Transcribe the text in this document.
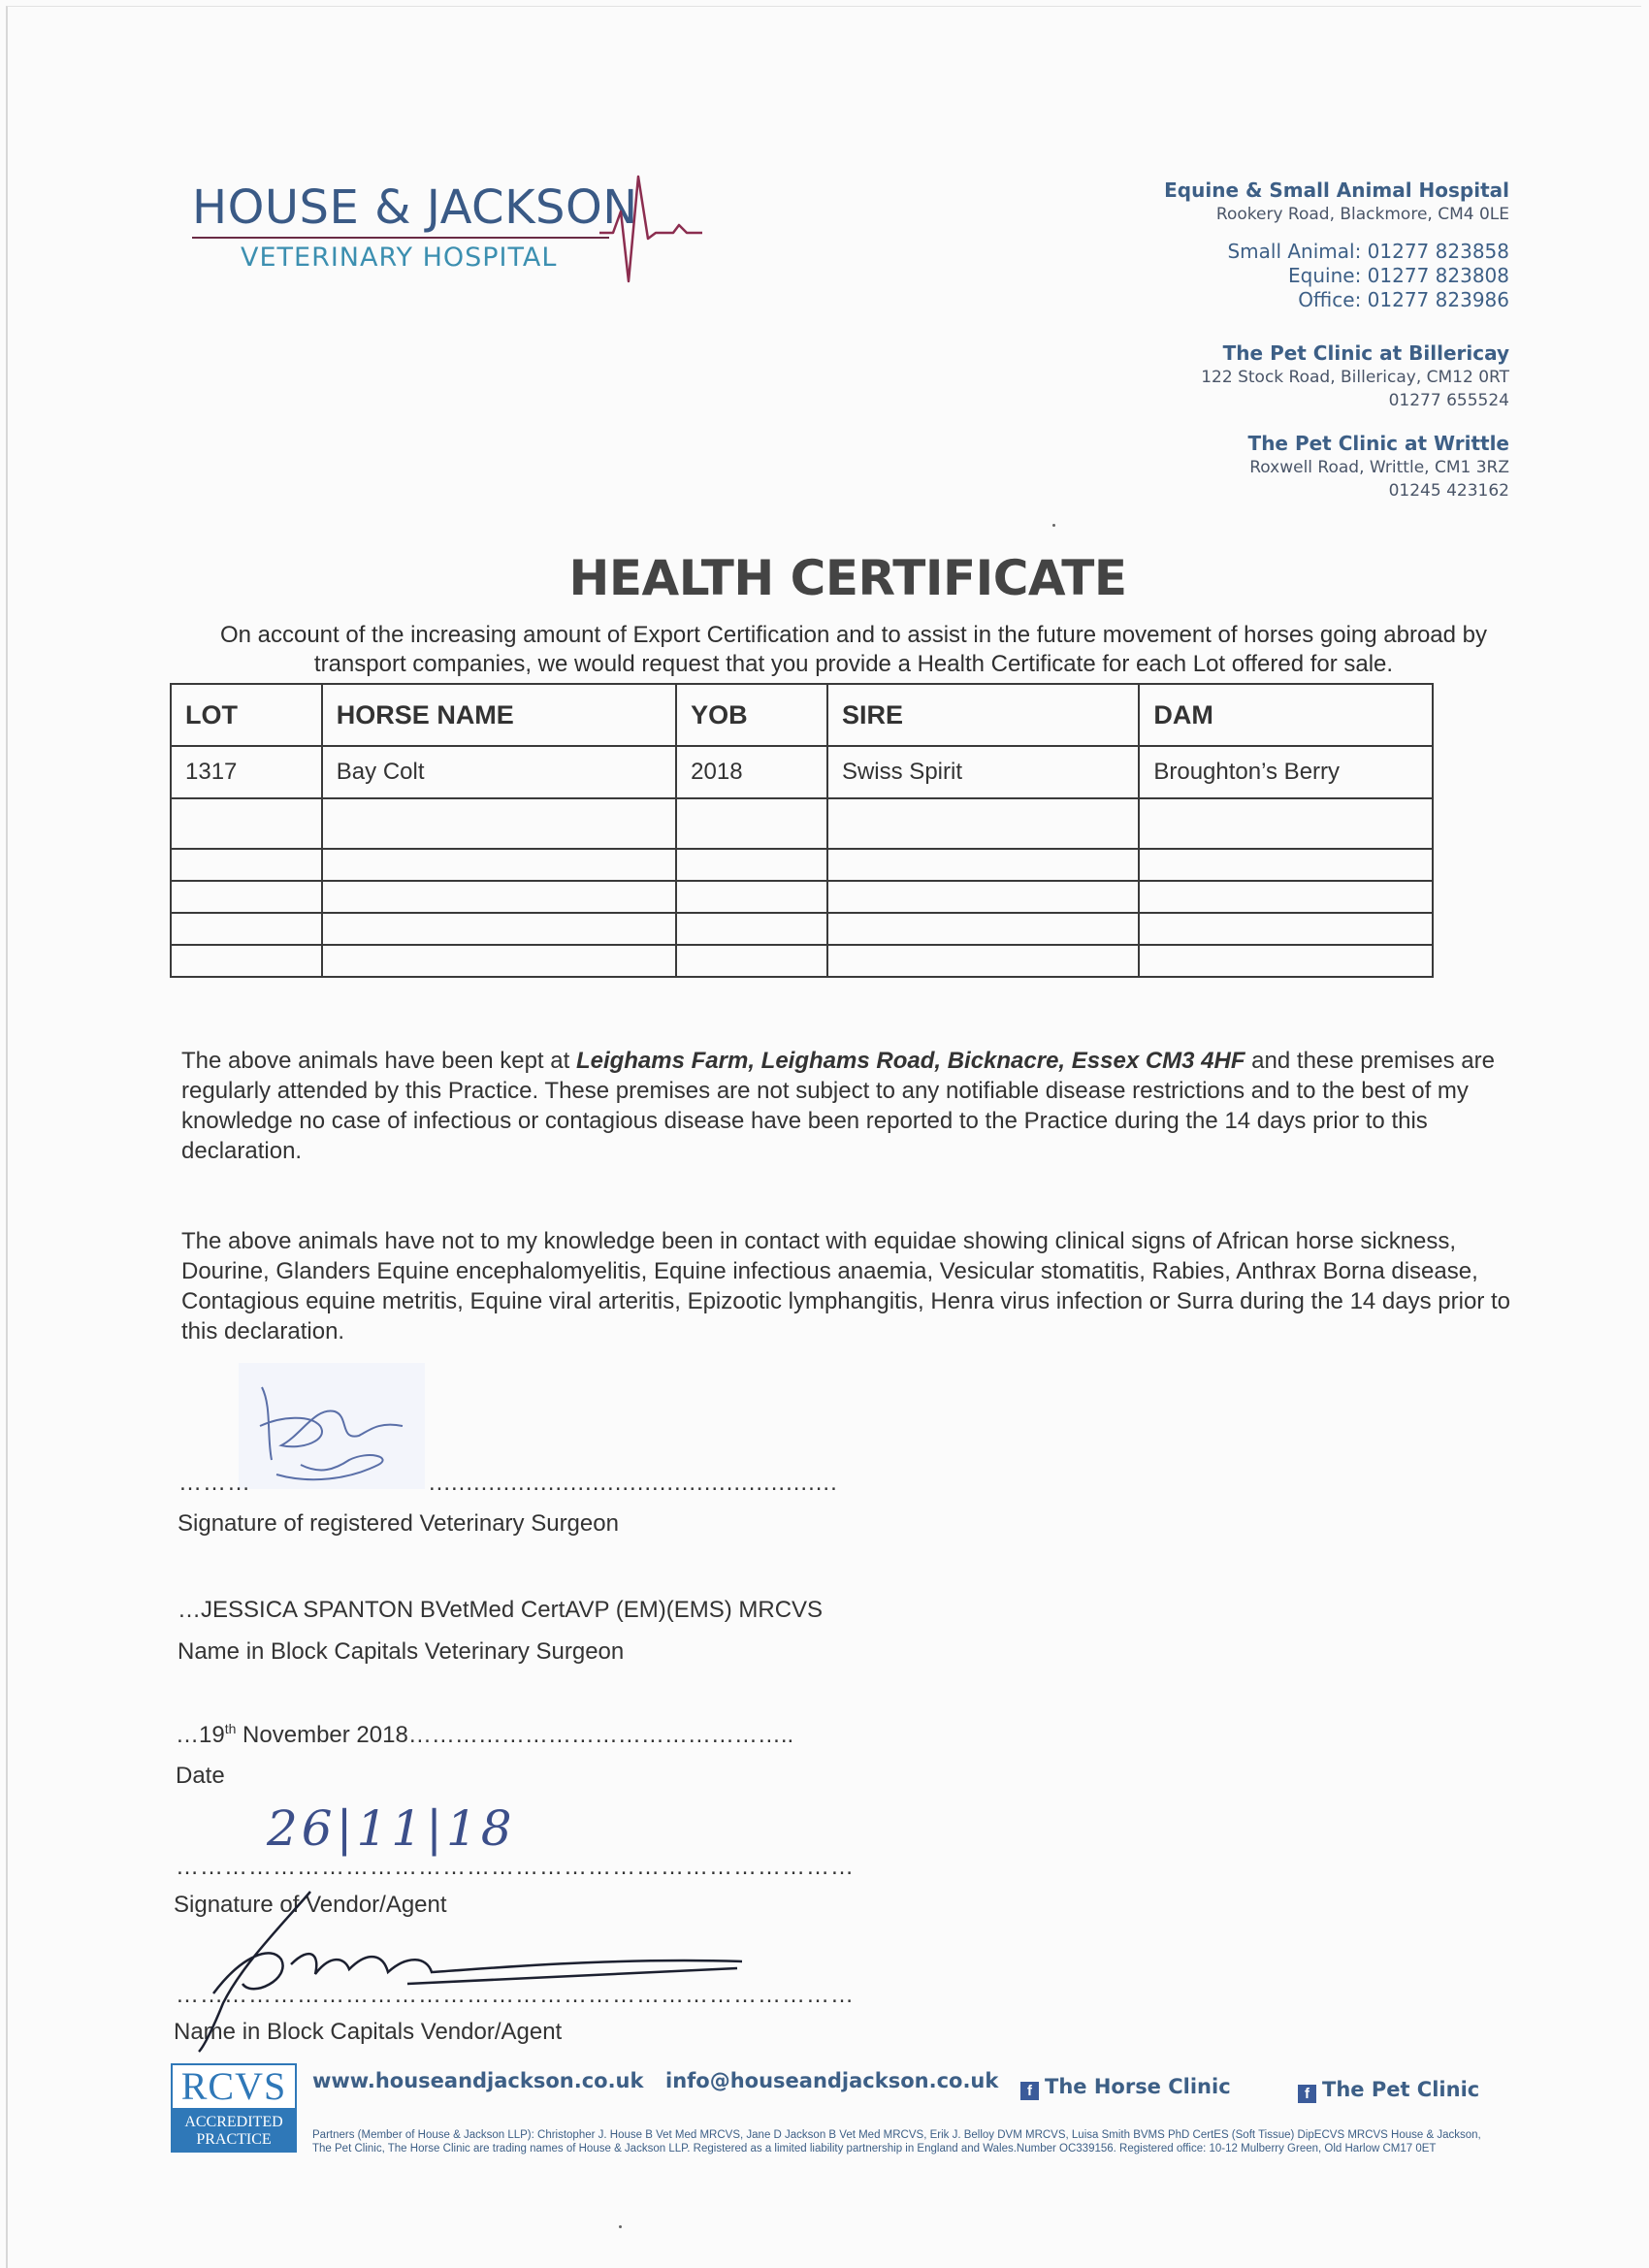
HOUSE & JACKSON
VETERINARY HOSPITAL
Equine & Small Animal Hospital
Rookery Road, Blackmore, CM4 0LE
Small Animal: 01277 823858
Equine: 01277 823808
Office: 01277 823986
The Pet Clinic at Billericay
122 Stock Road, Billericay, CM12 0RT
01277 655524
The Pet Clinic at Writtle
Roxwell Road, Writtle, CM1 3RZ
01245 423162
HEALTH CERTIFICATE
On account of the increasing amount of Export Certification and to assist in the future movement of horses going abroad by transport companies, we would request that you provide a Health Certificate for each Lot offered for sale.
LOT	HORSE NAME	YOB	SIRE	DAM
1317	Bay Colt	2018	Swiss Spirit	Broughton’s Berry

The above animals have been kept at Leighams Farm, Leighams Road, Bicknacre, Essex CM3 4HF and these premises are regularly attended by this Practice. These premises are not subject to any notifiable disease restrictions and to the best of my knowledge no case of infectious or contagious disease have been reported to the Practice during the 14 days prior to this declaration.
The above animals have not to my knowledge been in contact with equidae showing clinical signs of African horse sickness, Dourine, Glanders Equine encephalomyelitis, Equine infectious anaemia, Vesicular stomatitis, Rabies, Anthrax Borna disease, Contagious equine metritis, Equine viral arteritis, Epizootic lymphangitis, Henra virus infection or Surra during the 14 days prior to this declaration.
………	.......................................................
Signature of registered Veterinary Surgeon
…JESSICA SPANTON BVetMed CertAVP (EM)(EMS) MRCVS
Name in Block Capitals Veterinary Surgeon
…19th November 2018…………………………………………..
Date
26|11|18
…………………………………………………………………………
Signature of Vendor/Agent
…………………………………………………………………………
Name in Block Capitals Vendor/Agent
RCVS
ACCREDITED PRACTICE
www.houseandjackson.co.uk info@houseandjackson.co.uk	f The Horse Clinic	f The Pet Clinic
Partners (Member of House & Jackson LLP): Christopher J. House B Vet Med MRCVS, Jane D Jackson B Vet Med MRCVS, Erik J. Belloy DVM MRCVS, Luisa Smith BVMS PhD CertES (Soft Tissue) DipECVS MRCVS House & Jackson, The Pet Clinic, The Horse Clinic are trading names of House & Jackson LLP. Registered as a limited liability partnership in England and Wales.Number OC339156. Registered office: 10-12 Mulberry Green, Old Harlow CM17 0ET
